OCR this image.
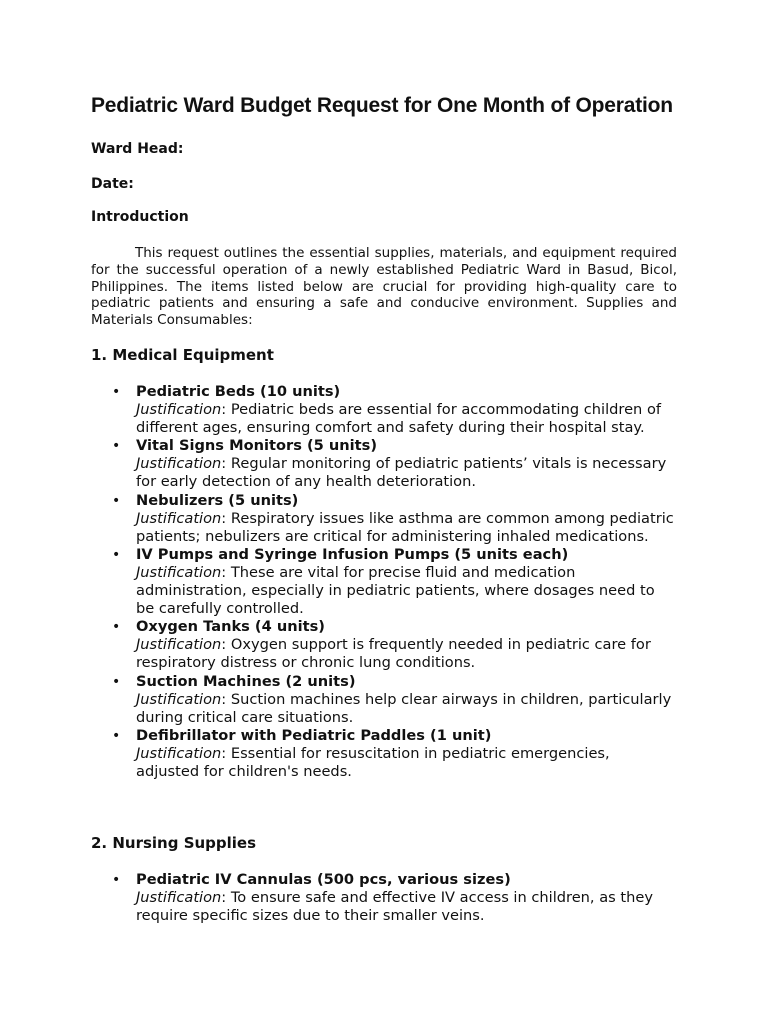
Pediatric Ward Budget Request for One Month of Operation
Ward Head:
Date:
Introduction

This request outlines the essential supplies, materials, and equipment required for the successful operation of a newly established Pediatric Ward in Basud, Bicol, Philippines. The items listed below are crucial for providing high-quality care to pediatric patients and ensuring a safe and conducive environment. Supplies and Materials Consumables:

1. Medical Equipment
• Pediatric Beds (10 units)
Justification: Pediatric beds are essential for accommodating children of different ages, ensuring comfort and safety during their hospital stay.
• Vital Signs Monitors (5 units)
Justification: Regular monitoring of pediatric patients’ vitals is necessary for early detection of any health deterioration.
• Nebulizers (5 units)
Justification: Respiratory issues like asthma are common among pediatric patients; nebulizers are critical for administering inhaled medications.
• IV Pumps and Syringe Infusion Pumps (5 units each)
Justification: These are vital for precise fluid and medication administration, especially in pediatric patients, where dosages need to be carefully controlled.
• Oxygen Tanks (4 units)
Justification: Oxygen support is frequently needed in pediatric care for respiratory distress or chronic lung conditions.
• Suction Machines (2 units)
Justification: Suction machines help clear airways in children, particularly during critical care situations.
• Defibrillator with Pediatric Paddles (1 unit)
Justification: Essential for resuscitation in pediatric emergencies, adjusted for children's needs.
2. Nursing Supplies
• Pediatric IV Cannulas (500 pcs, various sizes)
Justification: To ensure safe and effective IV access in children, as they require specific sizes due to their smaller veins.
